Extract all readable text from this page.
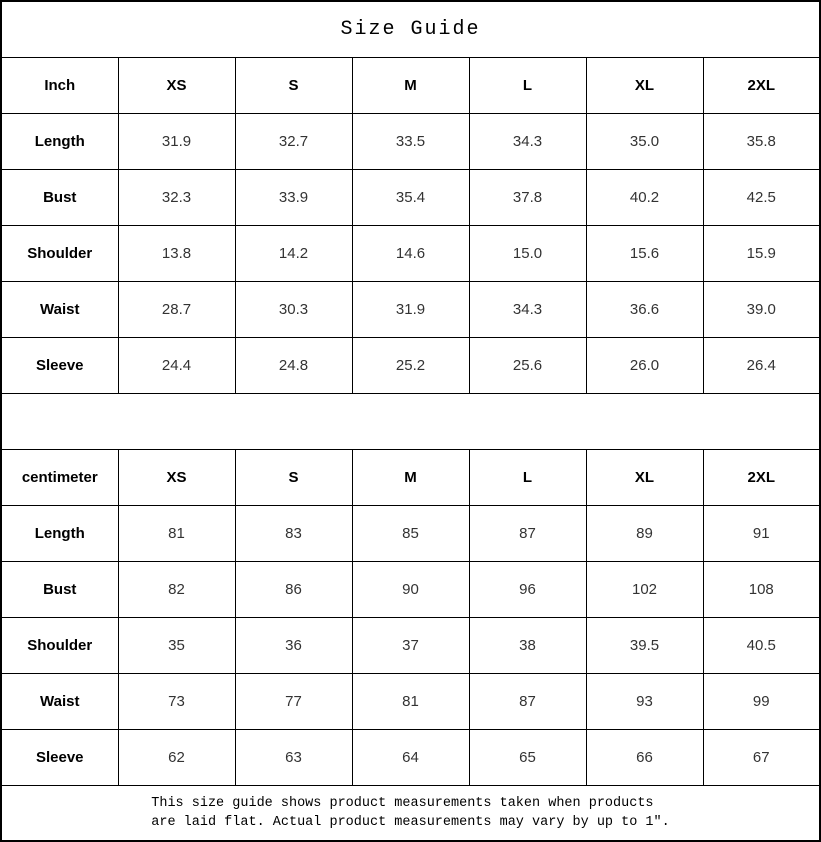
Size Guide						
Inch	XS	S	M	L	XL	2XL
Length	31.9	32.7	33.5	34.3	35.0	35.8
Bust	32.3	33.9	35.4	37.8	40.2	42.5
Shoulder	13.8	14.2	14.6	15.0	15.6	15.9
Waist	28.7	30.3	31.9	34.3	36.6	39.0
Sleeve	24.4	24.8	25.2	25.6	26.0	26.4

centimeter	XS	S	M	L	XL	2XL
Length	81	83	85	87	89	91
Bust	82	86	90	96	102	108
Shoulder	35	36	37	38	39.5	40.5
Waist	73	77	81	87	93	99
Sleeve	62	63	64	65	66	67

This size guide shows product measurements taken when products
are laid flat. Actual product measurements may vary by up to 1″.						
